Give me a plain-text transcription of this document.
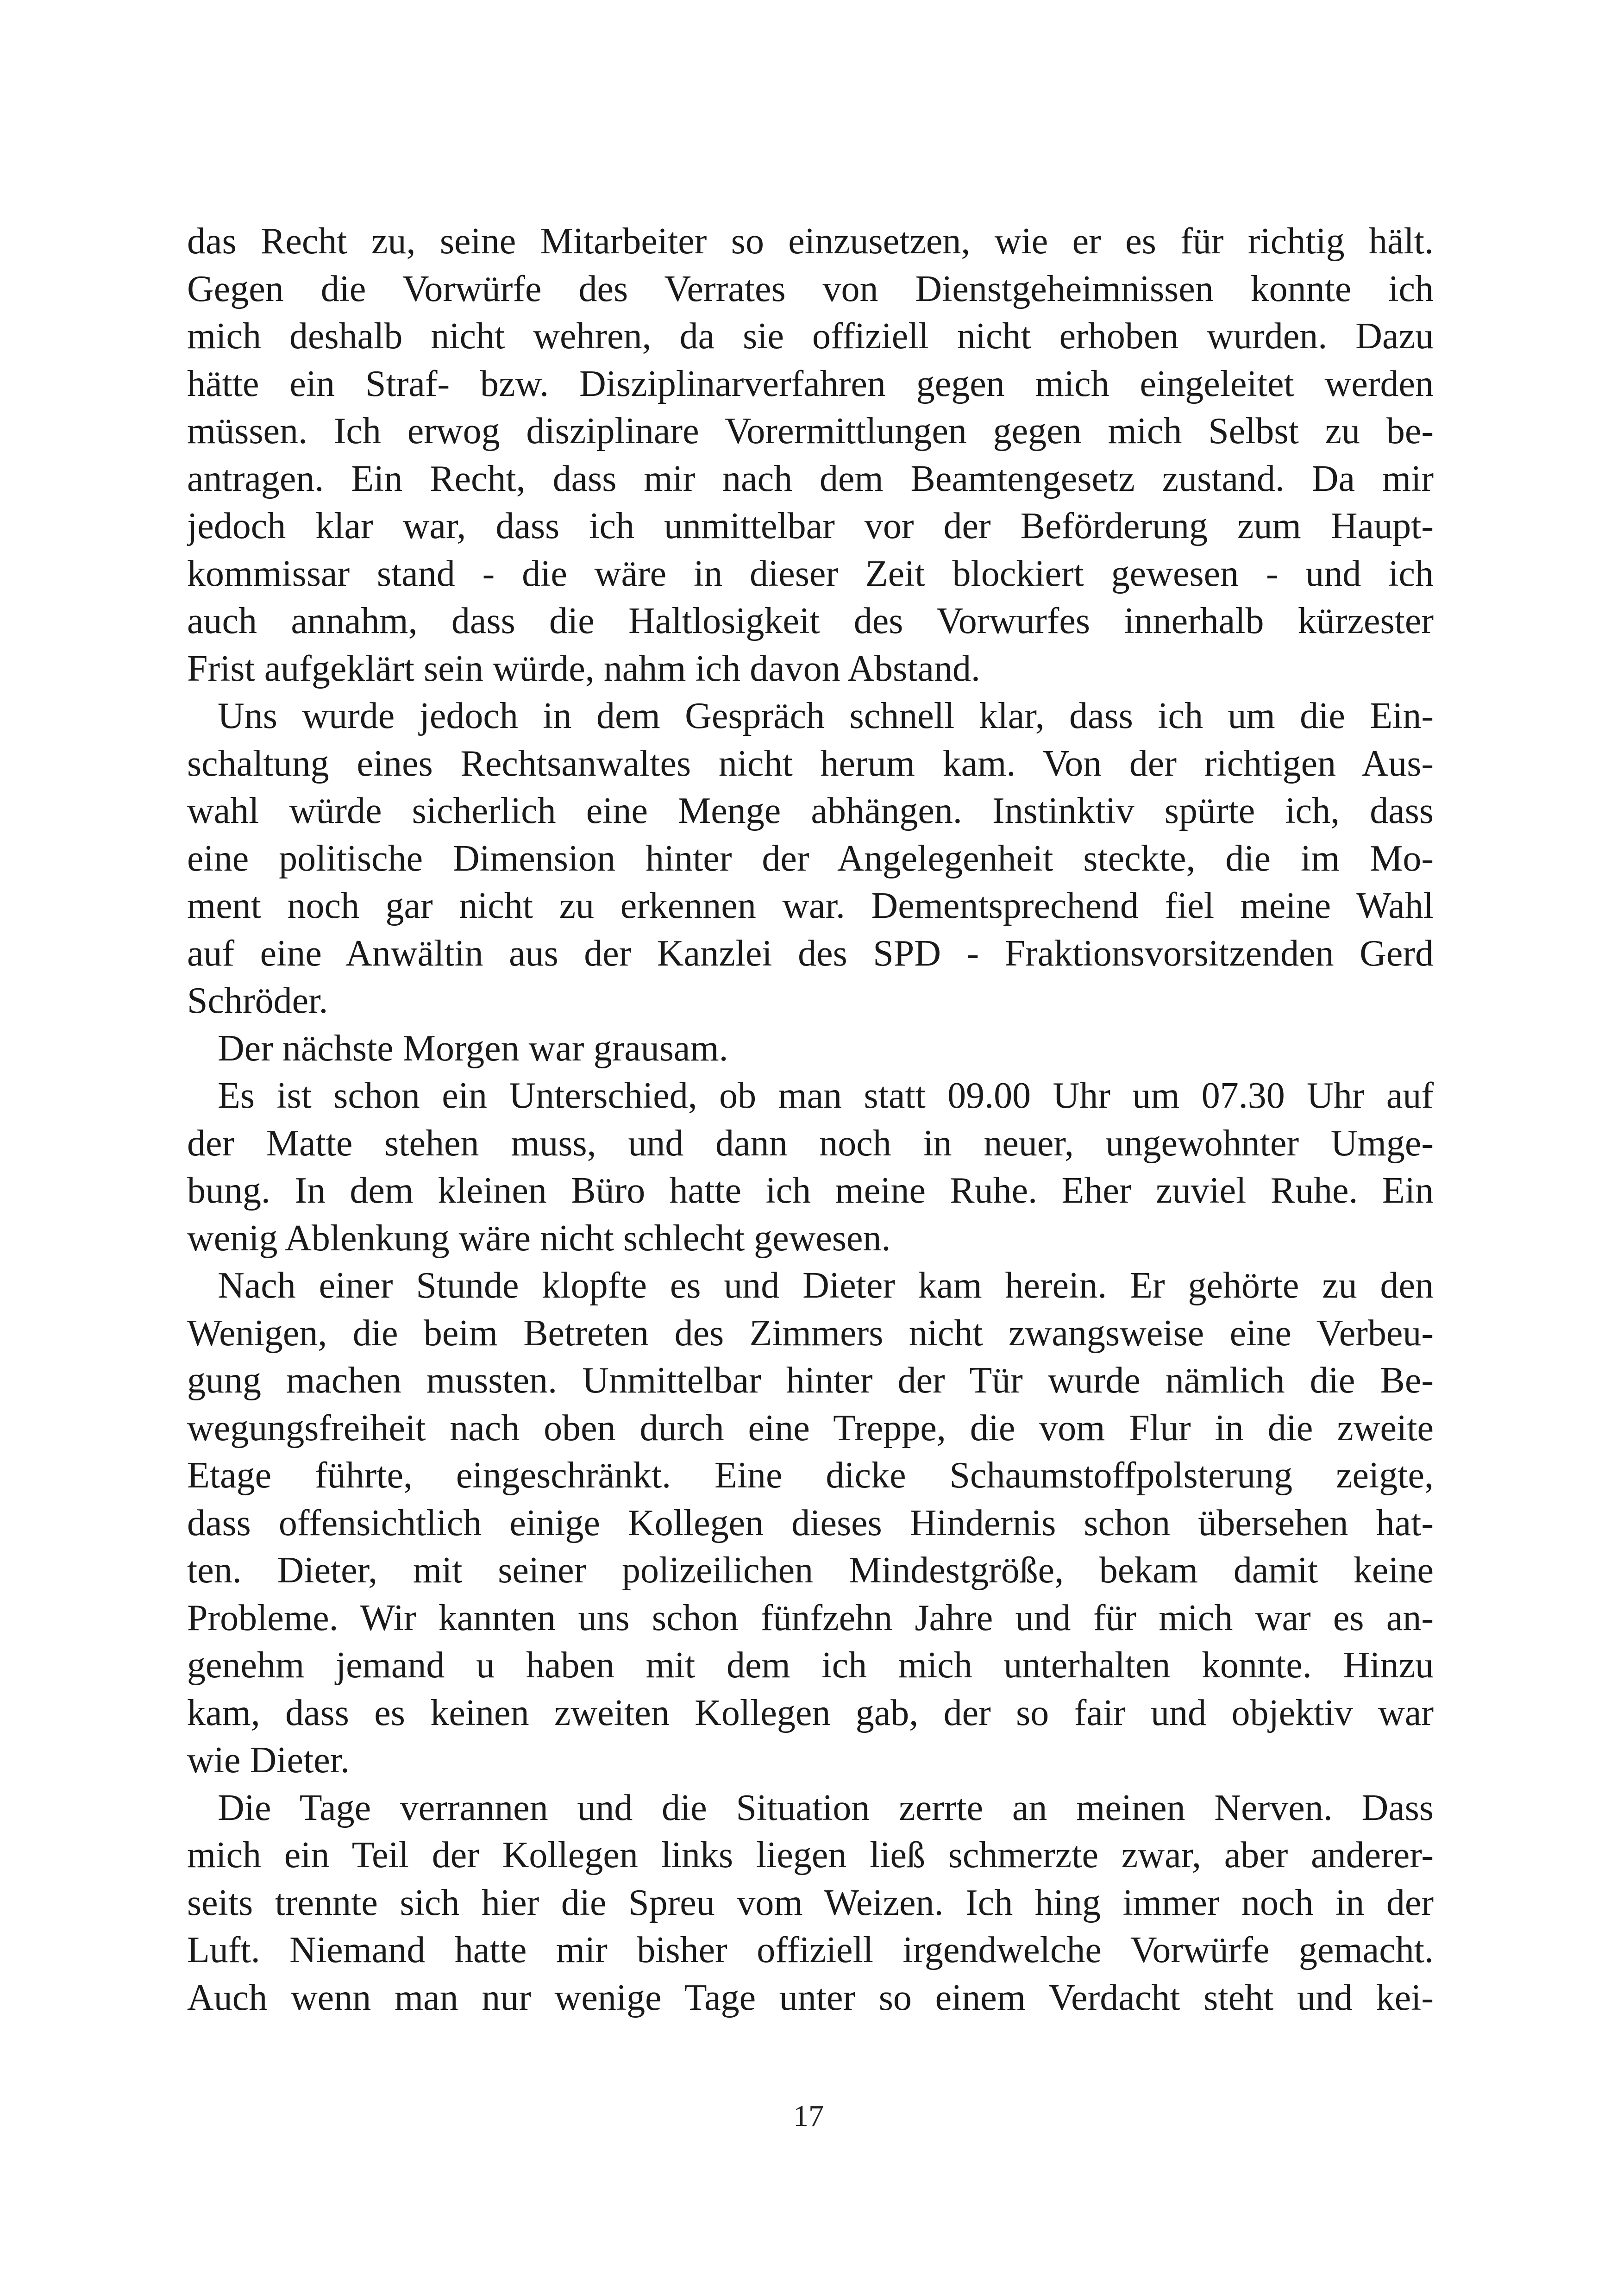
das Recht zu, seine Mitarbeiter so einzusetzen, wie er es für richtig hält.
Gegen die Vorwürfe des Verrates von Dienstgeheimnissen konnte ich
mich deshalb nicht wehren, da sie offiziell nicht erhoben wurden. Dazu
hätte ein Straf- bzw. Disziplinarverfahren gegen mich eingeleitet werden
müssen. Ich erwog disziplinare Vorermittlungen gegen mich Selbst zu be-
antragen. Ein Recht, dass mir nach dem Beamtengesetz zustand. Da mir
jedoch klar war, dass ich unmittelbar vor der Beförderung zum Haupt-
kommissar stand - die wäre in dieser Zeit blockiert gewesen - und ich
auch annahm, dass die Haltlosigkeit des Vorwurfes innerhalb kürzester
Frist aufgeklärt sein würde, nahm ich davon Abstand.
Uns wurde jedoch in dem Gespräch schnell klar, dass ich um die Ein-
schaltung eines Rechtsanwaltes nicht herum kam. Von der richtigen Aus-
wahl würde sicherlich eine Menge abhängen. Instinktiv spürte ich, dass
eine politische Dimension hinter der Angelegenheit steckte, die im Mo-
ment noch gar nicht zu erkennen war. Dementsprechend fiel meine Wahl
auf eine Anwältin aus der Kanzlei des SPD - Fraktionsvorsitzenden Gerd
Schröder.
Der nächste Morgen war grausam.
Es ist schon ein Unterschied, ob man statt 09.00 Uhr um 07.30 Uhr auf
der Matte stehen muss, und dann noch in neuer, ungewohnter Umge-
bung. In dem kleinen Büro hatte ich meine Ruhe. Eher zuviel Ruhe. Ein
wenig Ablenkung wäre nicht schlecht gewesen.
Nach einer Stunde klopfte es und Dieter kam herein. Er gehörte zu den
Wenigen, die beim Betreten des Zimmers nicht zwangsweise eine Verbeu-
gung machen mussten. Unmittelbar hinter der Tür wurde nämlich die Be-
wegungsfreiheit nach oben durch eine Treppe, die vom Flur in die zweite
Etage führte, eingeschränkt. Eine dicke Schaumstoffpolsterung zeigte,
dass offensichtlich einige Kollegen dieses Hindernis schon übersehen hat-
ten. Dieter, mit seiner polizeilichen Mindestgröße, bekam damit keine
Probleme. Wir kannten uns schon fünfzehn Jahre und für mich war es an-
genehm jemand u haben mit dem ich mich unterhalten konnte. Hinzu
kam, dass es keinen zweiten Kollegen gab, der so fair und objektiv war
wie Dieter.
Die Tage verrannen und die Situation zerrte an meinen Nerven. Dass
mich ein Teil der Kollegen links liegen ließ schmerzte zwar, aber anderer-
seits trennte sich hier die Spreu vom Weizen. Ich hing immer noch in der
Luft. Niemand hatte mir bisher offiziell irgendwelche Vorwürfe gemacht.
Auch wenn man nur wenige Tage unter so einem Verdacht steht und kei-
17
